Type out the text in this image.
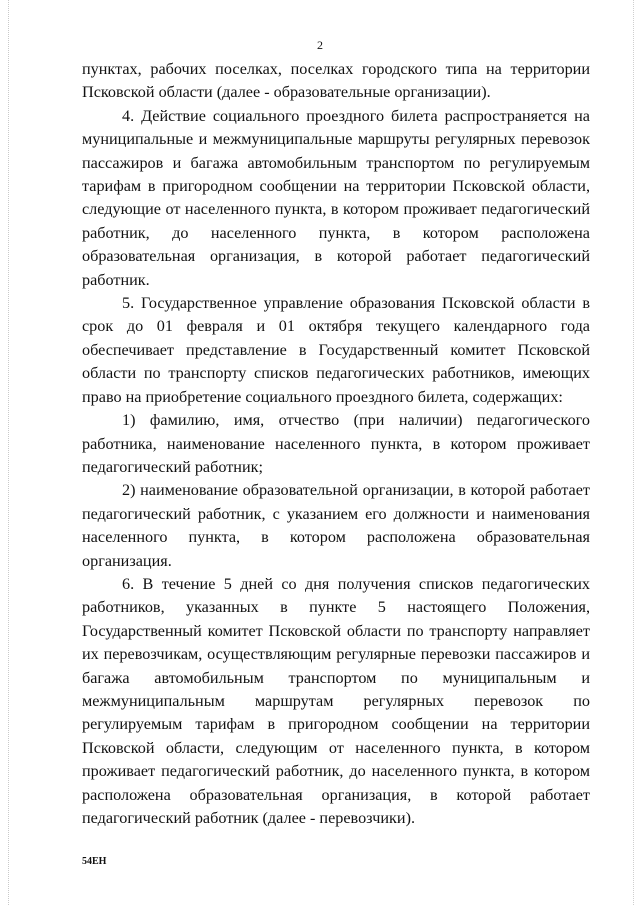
2

пунктах, рабочих поселках, поселках городского типа на территории Псковской области (далее - образовательные организации).

4. Действие социального проездного билета распространяется на муниципальные и межмуниципальные маршруты регулярных перевозок пассажиров и багажа автомобильным транспортом по регулируемым тарифам в пригородном сообщении на территории Псковской области, следующие от населенного пункта, в котором проживает педагогический работник, до населенного пункта, в котором расположена образовательная организация, в которой работает педагогический работник.

5. Государственное управление образования Псковской области в срок до 01 февраля и 01 октября текущего календарного года обеспечивает представление в Государственный комитет Псковской области по транспорту списков педагогических работников, имеющих право на приобретение социального проездного билета, содержащих:

1) фамилию, имя, отчество (при наличии) педагогического работника, наименование населенного пункта, в котором проживает педагогический работник;

2) наименование образовательной организации, в которой работает педагогический работник, с указанием его должности и наименования населенного пункта, в котором расположена образовательная организация.

6. В течение 5 дней со дня получения списков педагогических работников, указанных в пункте 5 настоящего Положения, Государственный комитет Псковской области по транспорту направляет их перевозчикам, осуществляющим регулярные перевозки пассажиров и багажа автомобильным транспортом по муниципальным и межмуниципальным маршрутам регулярных перевозок по регулируемым тарифам в пригородном сообщении на территории Псковской области, следующим от населенного пункта, в котором проживает педагогический работник, до населенного пункта, в котором расположена образовательная организация, в которой работает педагогический работник (далее - перевозчики).

54ЕН
